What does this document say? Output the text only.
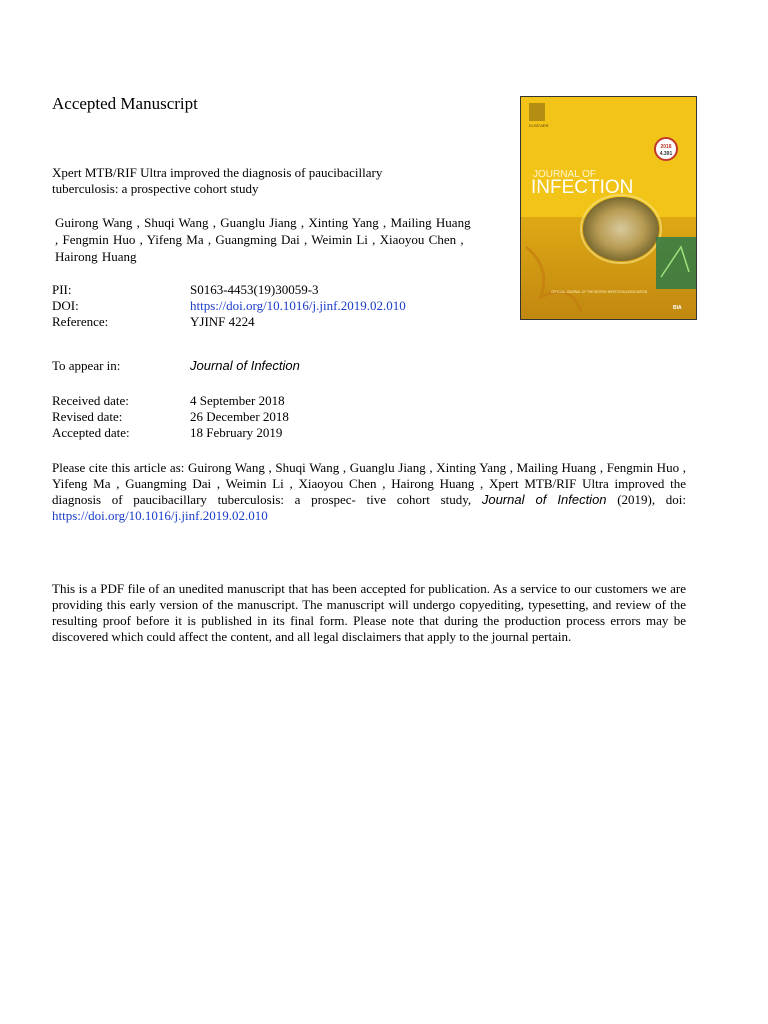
Accepted Manuscript
Xpert MTB/RIF Ultra improved the diagnosis of paucibacillary tuberculosis: a prospective cohort study
Guirong Wang , Shuqi Wang , Guanglu Jiang , Xinting Yang , Mailing Huang , Fengmin Huo , Yifeng Ma , Guangming Dai , Weimin Li , Xiaoyou Chen , Hairong Huang
PII:	S0163-4453(19)30059-3
DOI:	https://doi.org/10.1016/j.jinf.2019.02.010
Reference:	YJINF 4224
To appear in:	Journal of Infection
Received date:	4 September 2018
Revised date:	26 December 2018
Accepted date:	18 February 2019
Please cite this article as: Guirong Wang , Shuqi Wang , Guanglu Jiang , Xinting Yang , Mailing Huang , Fengmin Huo , Yifeng Ma , Guangming Dai , Weimin Li , Xiaoyou Chen , Hairong Huang , Xpert MTB/RIF Ultra improved the diagnosis of paucibacillary tuberculosis: a prospec- tive cohort study, Journal of Infection (2019), doi: https://doi.org/10.1016/j.jinf.2019.02.010
This is a PDF file of an unedited manuscript that has been accepted for publication. As a service to our customers we are providing this early version of the manuscript. The manuscript will undergo copyediting, typesetting, and review of the resulting proof before it is published in its final form. Please note that during the production process errors may be discovered which could affect the content, and all legal disclaimers that apply to the journal pertain.
ELSEVIER
2018
4.391
JOURNAL OF
INFECTION
OFFICIAL JOURNAL OF THE BRITISH INFECTION ASSOCIATION
BIA
